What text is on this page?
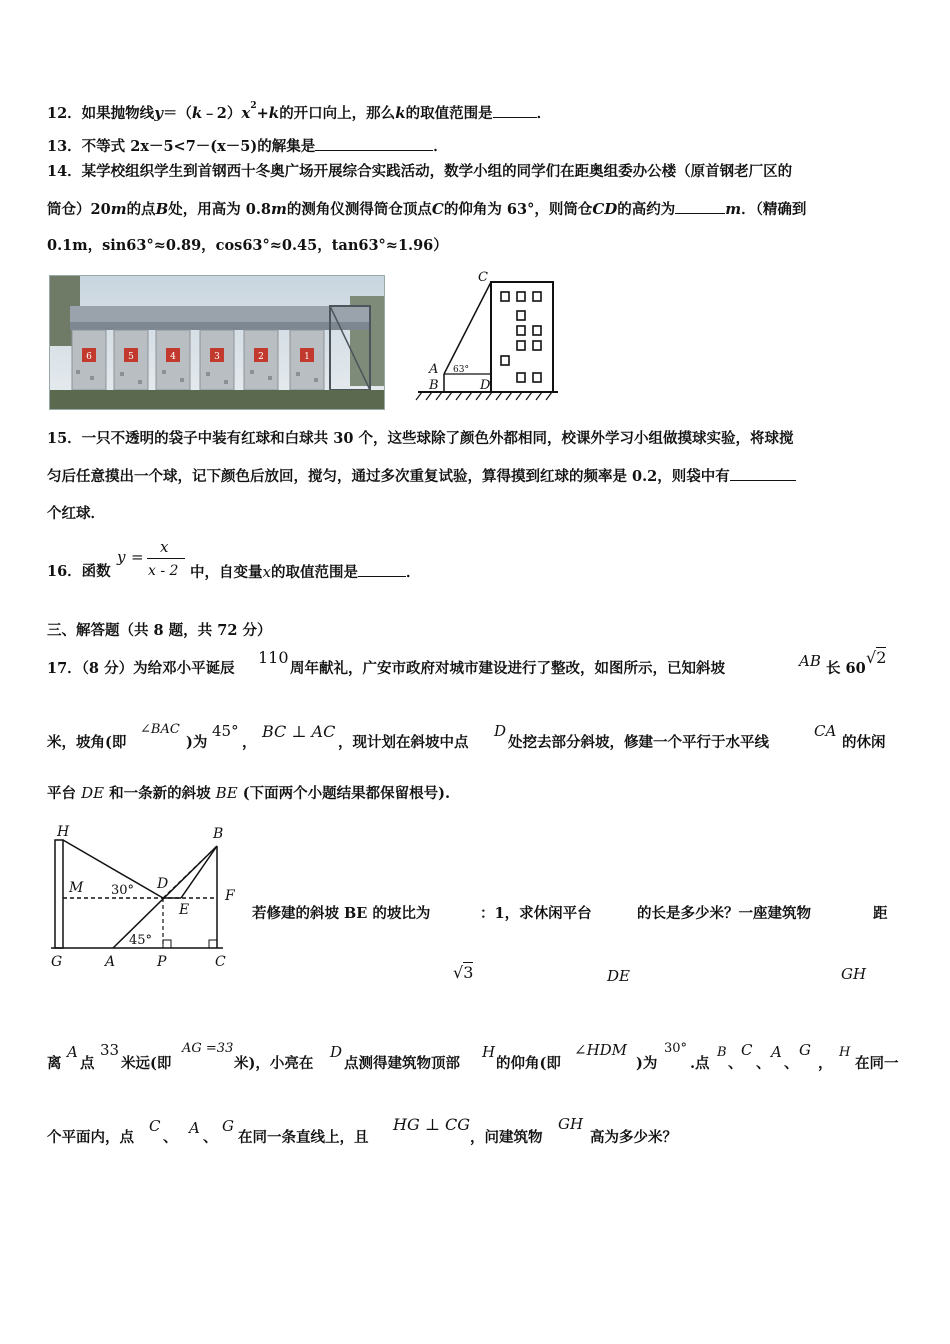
12．如果抛物线$y=(k﹣2)x^2+k$的开口向上，那么k的取值范围是	．
13．不等式 2x－5<7－(x－5)的解集是	．
14．某学校组织学生到首钢西十冬奥广场开展综合实践活动，数学小组的同学们在距奥组委办公楼（原首钢老厂区的
筒仓）20m的点B处，用高为 0.8m的测角仪测得筒仓顶点C的仰角为 63°，则筒仓CD的高约为	m．（精确到
0.1m，sin63°≈0.89，cos63°≈0.45，tan63°≈1.96）
6	5	4	3	2	1
C
A
B	D
63°
15．一只不透明的袋子中装有红球和白球共 30 个，这些球除了颜色外都相同，校课外学习小组做摸球实验，将球搅
匀后任意摸出一个球，记下颜色后放回，搅匀，通过多次重复试验，算得摸到红球的频率是 0.2，则袋中有
个红球．
16．函数
y =
x
x - 2 中，自变量x的取值范围是	．
三、解答题（共 8 题，共 72 分）
17．（8 分）为给邓小平诞辰
110
周年献礼，广安市政府对城市建设进行了整改，如图所示，已知斜坡	AB 长 60
√2
米，坡角(即
∠BAC
)为
45°
，
BC ⊥ AC
，现计划在斜坡中点
D
处挖去部分斜坡，修建一个平行于水平线
CA
的休闲
平台 DE 和一条新的斜坡 BE (下面两个小题结果都保留根号).
H	B
M	D
F
E
G	A	P	C
30°
45°
若修建的斜坡 BE 的坡比为	：1，求休闲平台	的长是多少米？一座建筑物	距
√3	DE	GH
离
A
点
33
米远(即
AG =33
米)，小亮在
D
点测得建筑物顶部
H
的仰角(即
∠HDM
)为
30°
.点
B
、
C
、
A
、
G
，
H
在同一
个平面内，点
C
、
A
、
G
在同一条直线上，且
HG ⊥ CG
，问建筑物
GH
高为多少米？
